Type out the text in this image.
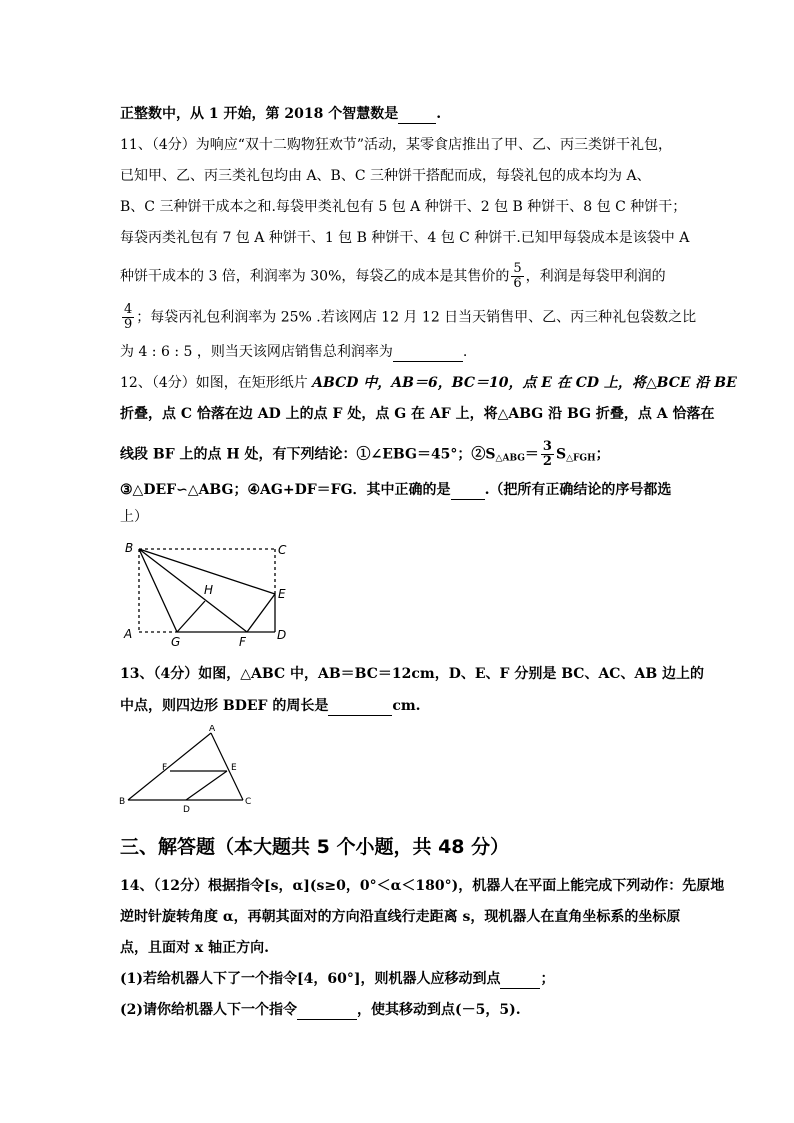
正整数中，从 1 开始，第 2018 个智慧数是	.
11、（4分）为响应“双十二购物狂欢节”活动，某零食店推出了甲、乙、丙三类饼干礼包，
已知甲、乙、丙三类礼包均由 A、B、C 三种饼干搭配而成，每袋礼包的成本均为 A、
B、C 三种饼干成本之和.每袋甲类礼包有 5 包 A 种饼干、2 包 B 种饼干、8 包 C 种饼干；
每袋丙类礼包有 7 包 A 种饼干、1 包 B 种饼干、4 包 C 种饼干.已知甲每袋成本是该袋中 A
种饼干成本的 3 倍，利润率为 30%，每袋乙的成本是其售价的 $\frac{5}{6}$ ，利润是每袋甲利润的
$\frac{4}{9}$ ；每袋丙礼包利润率为 25% .若该网店 12 月 12 日当天销售甲、乙、丙三种礼包袋数之比
为 4 : 6 : 5 ，则当天该网店销售总利润率为	.
12、（4分）如图，在矩形纸片 ABCD 中，AB＝6，BC＝10，点 E 在 CD 上，将△BCE 沿 BE
折叠，点 C 恰落在边 AD 上的点 F 处，点 G 在 AF 上，将△ABG 沿 BG 折叠，点 A 恰落在
线段 BF 上的点 H 处，有下列结论：①∠EBG＝45°；$②S_{\triangle ABG}= \frac{3}{2} S_{\triangle FGH}$；
③△DEF∽△ABG；④AG+DF＝FG．其中正确的是 .（把所有正确结论的序号都选
上）
B	C
E
H
A
G	F	D
13、（4分）如图，△ABC 中，AB＝BC＝12cm，D、E、F 分别是 BC、AC、AB 边上的
中点，则四边形 BDEF 的周长是	cm.
A
F	E
B
D
C
三、解答题（本大题共 5 个小题，共 48 分）
14、（12分）根据指令[s，α](s≥0，0°＜α＜180°)，机器人在平面上能完成下列动作：先原地
逆时针旋转角度 α，再朝其面对的方向沿直线行走距离 s，现机器人在直角坐标系的坐标原
点，且面对 x 轴正方向.
(1)若给机器人下了一个指令[4，60°]，则机器人应移动到点	；
(2)请你给机器人下一个指令	，使其移动到点(－5，5).
